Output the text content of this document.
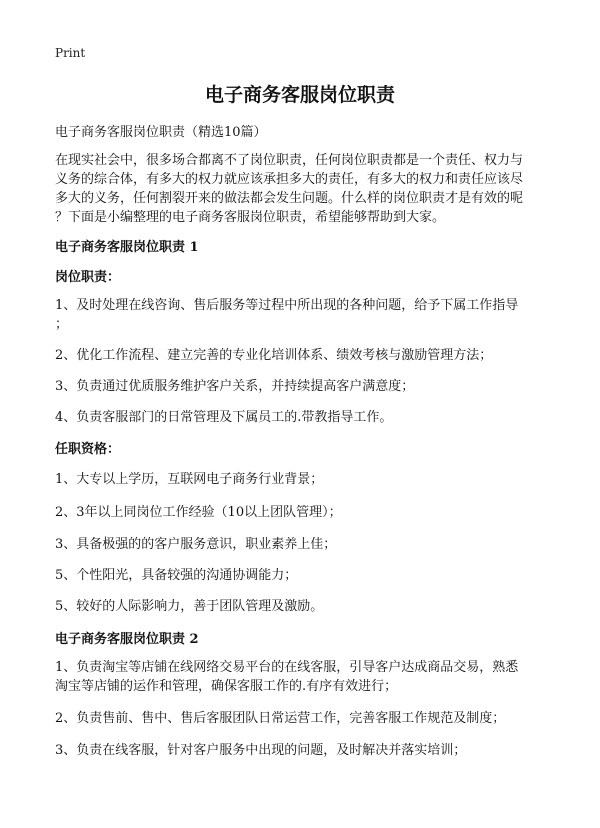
Print
电子商务客服岗位职责
电子商务客服岗位职责（精选10篇）
在现实社会中，很多场合都离不了岗位职责，任何岗位职责都是一个责任、权力与
义务的综合体，有多大的权力就应该承担多大的责任，有多大的权力和责任应该尽
多大的义务，任何割裂开来的做法都会发生问题。什么样的岗位职责才是有效的呢
？下面是小编整理的电子商务客服岗位职责，希望能够帮助到大家。
电子商务客服岗位职责 1
岗位职责：
1、及时处理在线咨询、售后服务等过程中所出现的各种问题，给予下属工作指导
；
2、优化工作流程、建立完善的专业化培训体系、绩效考核与激励管理方法；
3、负责通过优质服务维护客户关系，并持续提高客户满意度；
4、负责客服部门的日常管理及下属员工的.带教指导工作。
任职资格：
1、大专以上学历，互联网电子商务行业背景；
2、3年以上同岗位工作经验（10以上团队管理）；
3、具备极强的的客户服务意识，职业素养上佳；
5、个性阳光，具备较强的沟通协调能力；
5、较好的人际影响力，善于团队管理及激励。
电子商务客服岗位职责 2
1、负责淘宝等店铺在线网络交易平台的在线客服，引导客户达成商品交易，熟悉
淘宝等店铺的运作和管理，确保客服工作的.有序有效进行；
2、负责售前、售中、售后客服团队日常运营工作，完善客服工作规范及制度；
3、负责在线客服，针对客户服务中出现的问题，及时解决并落实培训；
